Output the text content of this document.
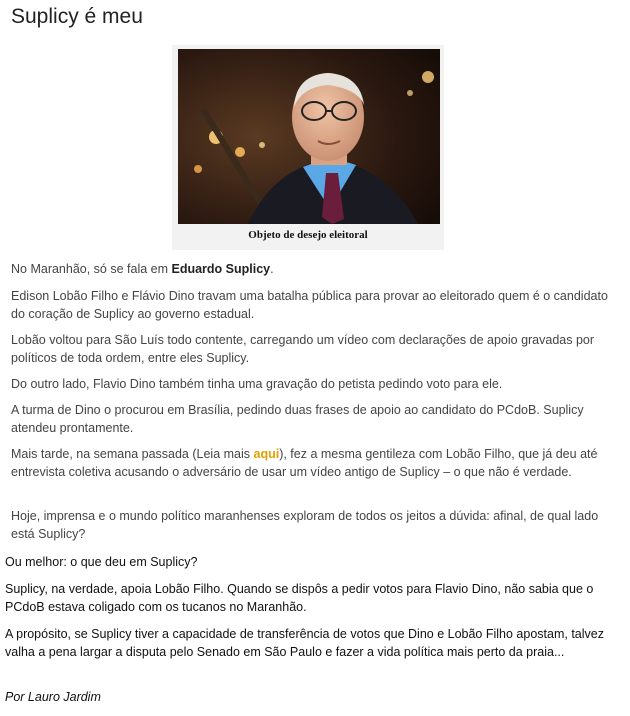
Suplicy é meu
Objeto de desejo eleitoral

No Maranhão, só se fala em Eduardo Suplicy.

Edison Lobão Filho e Flávio Dino travam uma batalha pública para provar ao eleitorado quem é o candidato do coração de Suplicy ao governo estadual.

Lobão voltou para São Luís todo contente, carregando um vídeo com declarações de apoio gravadas por políticos de toda ordem, entre eles Suplicy.

Do outro lado, Flavio Dino também tinha uma gravação do petista pedindo voto para ele.

A turma de Dino o procurou em Brasília, pedindo duas frases de apoio ao candidato do PCdoB. Suplicy atendeu prontamente.

Mais tarde, na semana passada (Leia mais aqui), fez a mesma gentileza com Lobão Filho, que já deu até entrevista coletiva acusando o adversário de usar um vídeo antigo de Suplicy – o que não é verdade.

Hoje, imprensa e o mundo político maranhenses exploram de todos os jeitos a dúvida: afinal, de qual lado está Suplicy?

Ou melhor: o que deu em Suplicy?

Suplicy, na verdade, apoia Lobão Filho. Quando se dispôs a pedir votos para Flavio Dino, não sabia que o PCdoB estava coligado com os tucanos no Maranhão.

A propósito, se Suplicy tiver a capacidade de transferência de votos que Dino e Lobão Filho apostam, talvez valha a pena largar a disputa pelo Senado em São Paulo e fazer a vida política mais perto da praia...

Por Lauro Jardim
